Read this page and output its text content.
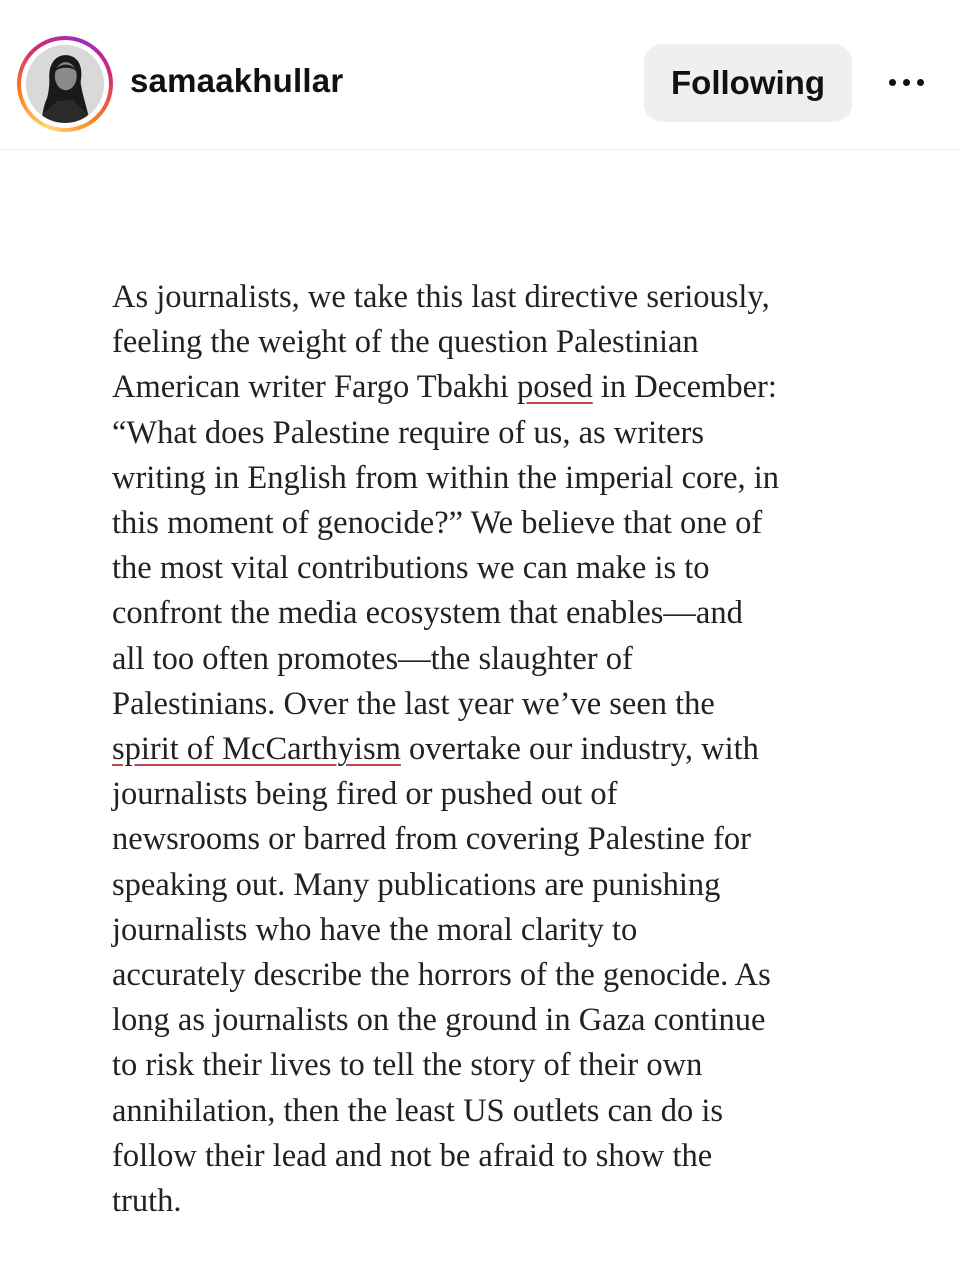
samaakhullar	Following
As journalists, we take this last directive seriously,
feeling the weight of the question Palestinian
American writer Fargo Tbakhi posed in December:
“What does Palestine require of us, as writers
writing in English from within the imperial core, in
this moment of genocide?” We believe that one of
the most vital contributions we can make is to
confront the media ecosystem that enables—and
all too often promotes—the slaughter of
Palestinians. Over the last year we’ve seen the
spirit of McCarthyism overtake our industry, with
journalists being fired or pushed out of
newsrooms or barred from covering Palestine for
speaking out. Many publications are punishing
journalists who have the moral clarity to
accurately describe the horrors of the genocide. As
long as journalists on the ground in Gaza continue
to risk their lives to tell the story of their own
annihilation, then the least US outlets can do is
follow their lead and not be afraid to show the
truth.
